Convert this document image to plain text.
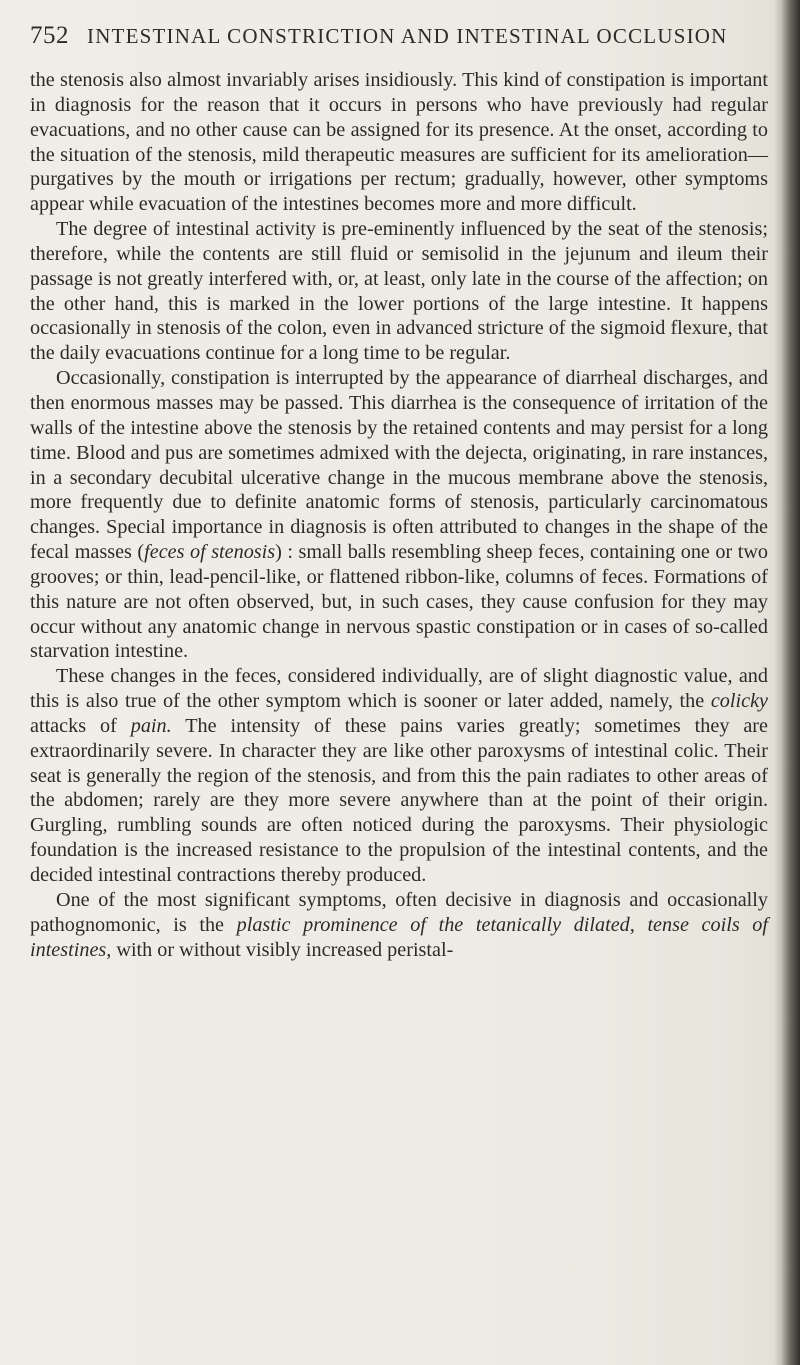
752 INTESTINAL CONSTRICTION AND INTESTINAL OCCLUSION

the stenosis also almost invariably arises insidiously. This kind of constipation is important in diagnosis for the reason that it occurs in persons who have previously had regular evacuations, and no other cause can be assigned for its presence. At the onset, according to the situation of the stenosis, mild therapeutic measures are sufficient for its amelioration— purgatives by the mouth or irrigations per rectum; gradually, however, other symptoms appear while evacuation of the intestines becomes more and more difficult.

The degree of intestinal activity is pre-eminently influenced by the seat of the stenosis; therefore, while the contents are still fluid or semisolid in the jejunum and ileum their passage is not greatly interfered with, or, at least, only late in the course of the affection; on the other hand, this is marked in the lower portions of the large intestine. It happens occasionally in stenosis of the colon, even in advanced stricture of the sigmoid flexure, that the daily evacuations continue for a long time to be regular.

Occasionally, constipation is interrupted by the appearance of diarrheal discharges, and then enormous masses may be passed. This diarrhea is the consequence of irritation of the walls of the intestine above the stenosis by the retained contents and may persist for a long time. Blood and pus are sometimes admixed with the dejecta, originating, in rare instances, in a secondary decubital ulcerative change in the mucous membrane above the stenosis, more frequently due to definite anatomic forms of stenosis, particularly carcinomatous changes. Special importance in diagnosis is often attributed to changes in the shape of the fecal masses (feces of stenosis) : small balls resembling sheep feces, containing one or two grooves; or thin, lead-pencil-like, or flattened ribbon-like, columns of feces. Formations of this nature are not often observed, but, in such cases, they cause confusion for they may occur without any anatomic change in nervous spastic constipation or in cases of so-called starvation intestine.

These changes in the feces, considered individually, are of slight diagnostic value, and this is also true of the other symptom which is sooner or later added, namely, the colicky attacks of pain. The intensity of these pains varies greatly; sometimes they are extraordinarily severe. In character they are like other paroxysms of intestinal colic. Their seat is generally the region of the stenosis, and from this the pain radiates to other areas of the abdomen; rarely are they more severe anywhere than at the point of their origin. Gurgling, rumbling sounds are often noticed during the paroxysms. Their physiologic foundation is the increased resistance to the propulsion of the intestinal contents, and the decided intestinal contractions thereby produced.

One of the most significant symptoms, often decisive in diagnosis and occasionally pathognomonic, is the plastic prominence of the tetanically dilated, tense coils of intestines, with or without visibly increased peristal-
